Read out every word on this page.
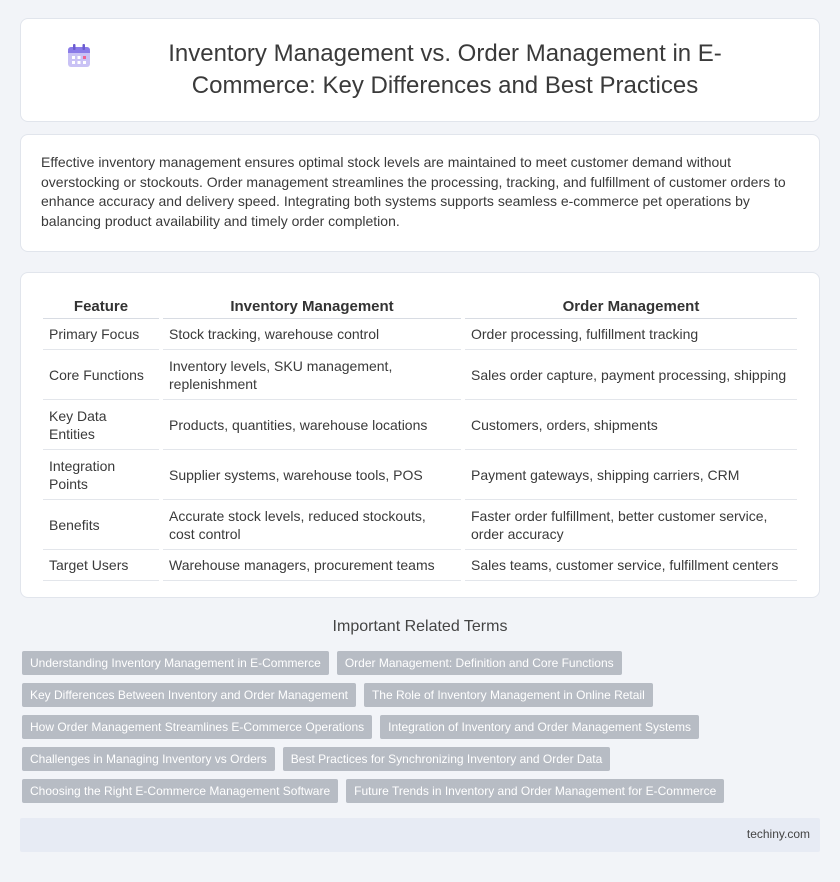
Inventory Management vs. Order Management in E-Commerce: Key Differences and Best Practices

Effective inventory management ensures optimal stock levels are maintained to meet customer demand without overstocking or stockouts. Order management streamlines the processing, tracking, and fulfillment of customer orders to enhance accuracy and delivery speed. Integrating both systems supports seamless e-commerce pet operations by balancing product availability and timely order completion.

Feature	Inventory Management	Order Management
Primary Focus	Stock tracking, warehouse control	Order processing, fulfillment tracking
Core Functions	Inventory levels, SKU management, replenishment	Sales order capture, payment processing, shipping
Key Data Entities	Products, quantities, warehouse locations	Customers, orders, shipments
Integration Points	Supplier systems, warehouse tools, POS	Payment gateways, shipping carriers, CRM
Benefits	Accurate stock levels, reduced stockouts, cost control	Faster order fulfillment, better customer service, order accuracy
Target Users	Warehouse managers, procurement teams	Sales teams, customer service, fulfillment centers
Important Related Terms
Understanding Inventory Management in E-Commerce	Order Management: Definition and Core Functions
Key Differences Between Inventory and Order Management	The Role of Inventory Management in Online Retail
How Order Management Streamlines E-Commerce Operations	Integration of Inventory and Order Management Systems
Challenges in Managing Inventory vs Orders	Best Practices for Synchronizing Inventory and Order Data
Choosing the Right E-Commerce Management Software	Future Trends in Inventory and Order Management for E-Commerce
techiny.com
